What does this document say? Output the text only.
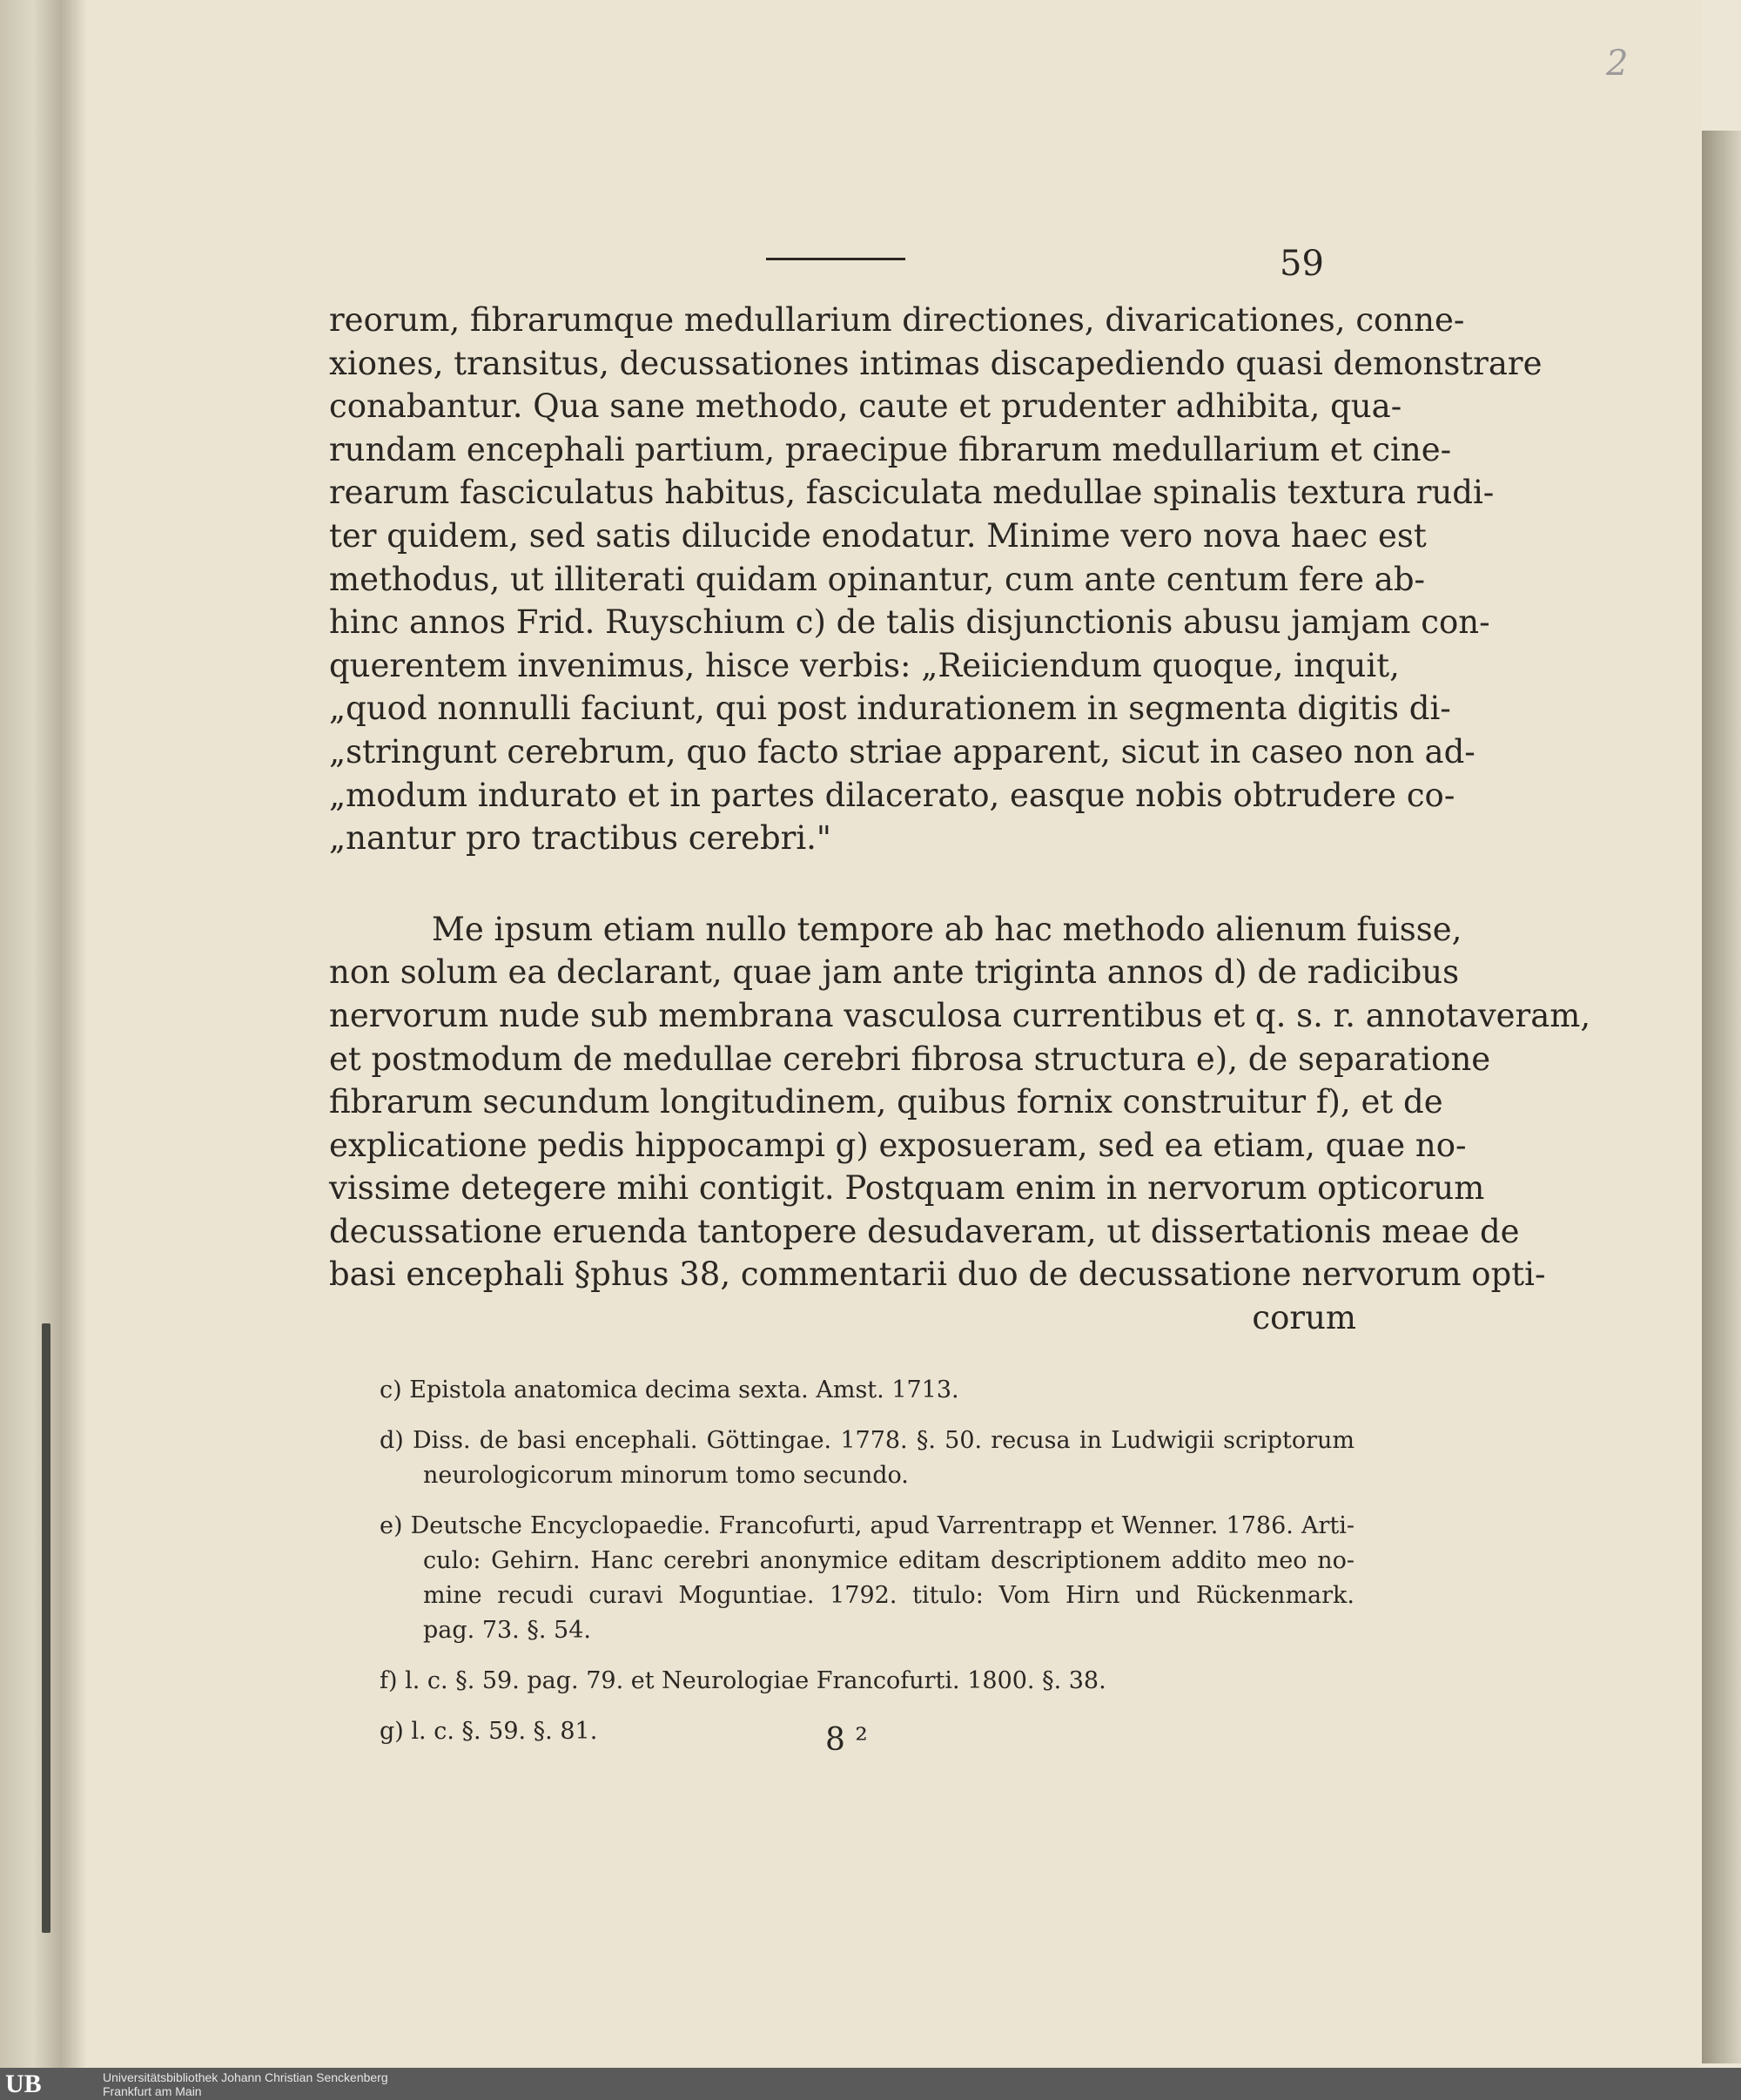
2
59
reorum, fibrarumque medullarium directiones, divaricationes, conne-
xiones, transitus, decussationes intimas discapediendo quasi demonstrare
conabantur. Qua sane methodo, caute et prudenter adhibita, qua-
rundam encephali partium, praecipue fibrarum medullarium et cine-
rearum fasciculatus habitus, fasciculata medullae spinalis textura rudi-
ter quidem, sed satis dilucide enodatur. Minime vero nova haec est
methodus, ut illiterati quidam opinantur, cum ante centum fere ab-
hinc annos Frid. Ruyschium c) de talis disjunctionis abusu jamjam con-
querentem invenimus, hisce verbis: „Reiiciendum quoque, inquit,
„quod nonnulli faciunt, qui post indurationem in segmenta digitis di-
„stringunt cerebrum, quo facto striae apparent, sicut in caseo non ad-
„modum indurato et in partes dilacerato, easque nobis obtrudere co-
„nantur pro tractibus cerebri."
Me ipsum etiam nullo tempore ab hac methodo alienum fuisse,
non solum ea declarant, quae jam ante triginta annos d) de radicibus
nervorum nude sub membrana vasculosa currentibus et q. s. r. annotaveram,
et postmodum de medullae cerebri fibrosa structura e), de separatione
fibrarum secundum longitudinem, quibus fornix construitur f), et de
explicatione pedis hippocampi g) exposueram, sed ea etiam, quae no-
vissime detegere mihi contigit. Postquam enim in nervorum opticorum
decussatione eruenda tantopere desudaveram, ut dissertationis meae de
basi encephali §phus 38, commentarii duo de decussatione nervorum opti-
corum
c) Epistola anatomica decima sexta. Amst. 1713.
d) Diss. de basi encephali. Göttingae. 1778. §. 50. recusa in Ludwigii scriptorum
neurologicorum minorum tomo secundo.
e) Deutsche Encyclopaedie. Francofurti, apud Varrentrapp et Wenner. 1786. Arti-
culo: Gehirn. Hanc cerebri anonymice editam descriptionem addito meo no-
mine recudi curavi Moguntiae. 1792. titulo: Vom Hirn und Rückenmark.
pag. 73. §. 54.
f) l. c. §. 59. pag. 79. et Neurologiae Francofurti. 1800. §. 38.
g) l. c. §. 59. §. 81.	8 ²
UB	Universitätsbibliothek Johann Christian Senckenberg
Frankfurt am Main
